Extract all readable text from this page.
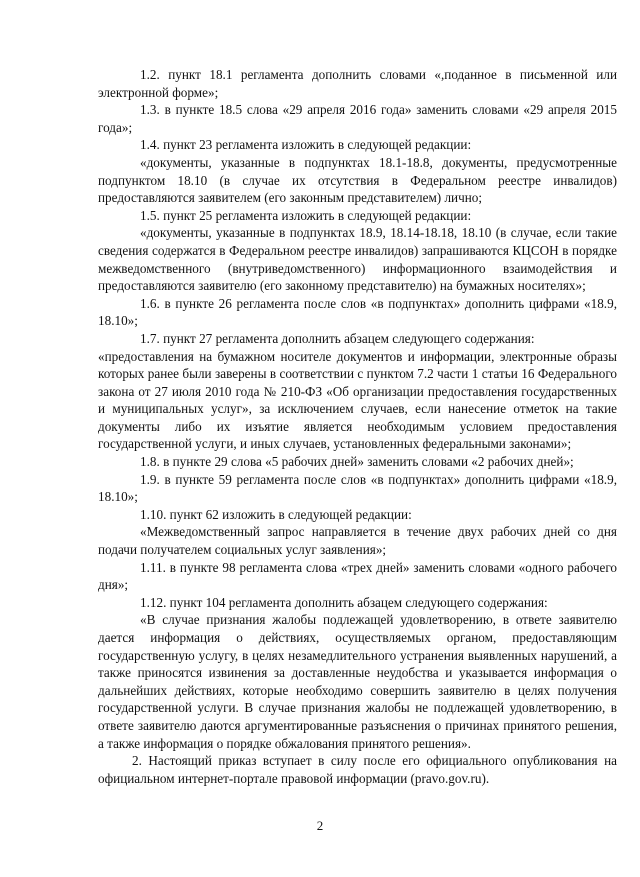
1.2. пункт 18.1 регламента дополнить словами «,поданное в письменной или электронной форме»;

1.3. в пункте 18.5 слова «29 апреля 2016 года» заменить словами «29 апреля 2015 года»;

1.4. пункт 23 регламента изложить в следующей редакции:

«документы, указанные в подпунктах 18.1-18.8, документы, предусмотренные подпунктом 18.10 (в случае их отсутствия в Федеральном реестре инвалидов) предоставляются заявителем (его законным представителем) лично;

1.5. пункт 25 регламента изложить в следующей редакции:

«документы, указанные в подпунктах 18.9, 18.14-18.18, 18.10 (в случае, если такие сведения содержатся в Федеральном реестре инвалидов) запрашиваются КЦСОН в порядке межведомственного (внутриведомственного) информационного взаимодействия и предоставляются заявителю (его законному представителю) на бумажных носителях»;

1.6. в пункте 26 регламента после слов «в подпунктах» дополнить цифрами «18.9, 18.10»;

1.7. пункт 27 регламента дополнить абзацем следующего содержания:

«предоставления на бумажном носителе документов и информации, электронные образы которых ранее были заверены в соответствии с пунктом 7.2 части 1 статьи 16 Федерального закона от 27 июля 2010 года № 210-ФЗ «Об организации предоставления государственных и муниципальных услуг», за исключением случаев, если нанесение отметок на такие документы либо их изъятие является необходимым условием предоставления государственной услуги, и иных случаев, установленных федеральными законами»;

1.8. в пункте 29 слова «5 рабочих дней» заменить словами «2 рабочих дней»;

1.9. в пункте 59 регламента после слов «в подпунктах» дополнить цифрами «18.9, 18.10»;

1.10. пункт 62 изложить в следующей редакции:

«Межведомственный запрос направляется в течение двух рабочих дней со дня подачи получателем социальных услуг заявления»;

1.11. в пункте 98 регламента слова «трех дней» заменить словами «одного рабочего дня»;

1.12. пункт 104 регламента дополнить абзацем следующего содержания:

«В случае признания жалобы подлежащей удовлетворению, в ответе заявителю дается информация о действиях, осуществляемых органом, предоставляющим государственную услугу, в целях незамедлительного устранения выявленных нарушений, а также приносятся извинения за доставленные неудобства и указывается информация о дальнейших действиях, которые необходимо совершить заявителю в целях получения государственной услуги. В случае признания жалобы не подлежащей удовлетворению, в ответе заявителю даются аргументированные разъяснения о причинах принятого решения, а также информация о порядке обжалования принятого решения».

2. Настоящий приказ вступает в силу после его официального опубликования на официальном интернет-портале правовой информации (pravo.gov.ru).

2
